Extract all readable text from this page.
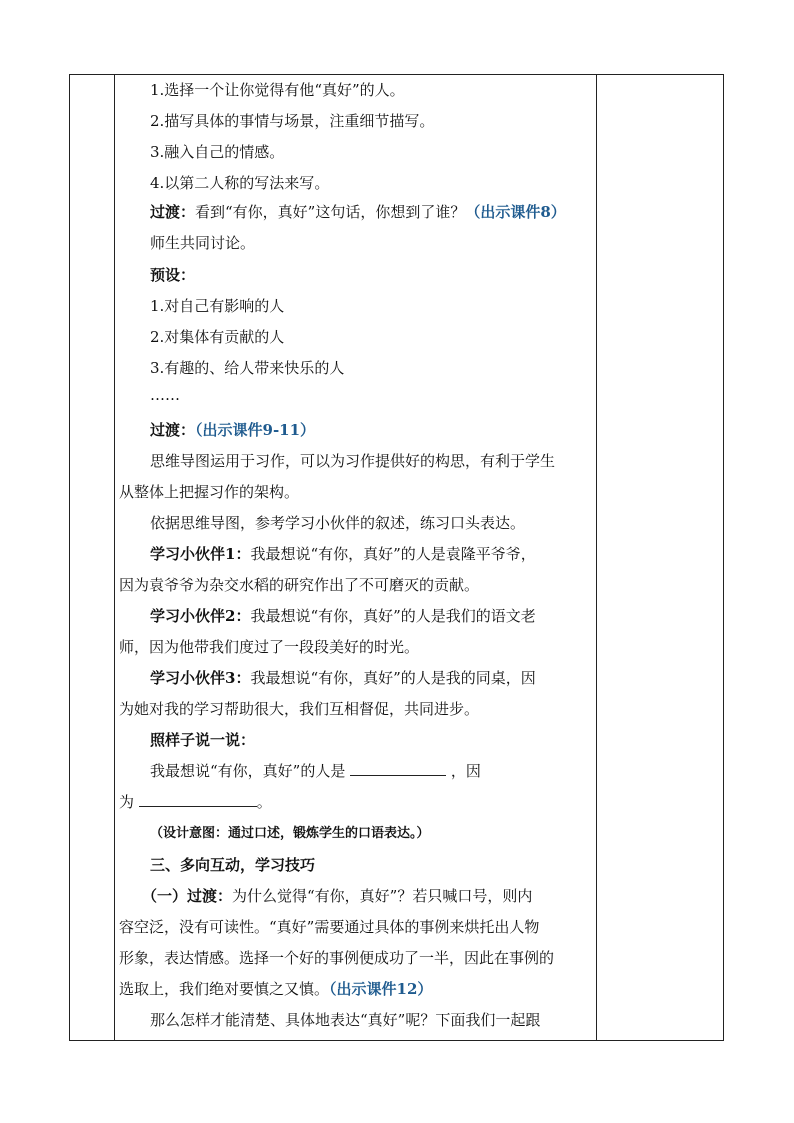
1.选择一个让你觉得有他“真好”的人。
2.描写具体的事情与场景，注重细节描写。
3.融入自己的情感。
4.以第二人称的写法来写。
过渡：看到“有你，真好”这句话，你想到了谁？（出示课件8）
师生共同讨论。
预设：
1.对自己有影响的人
2.对集体有贡献的人
3.有趣的、给人带来快乐的人
……
过渡：（出示课件9-11）
思维导图运用于习作，可以为习作提供好的构思，有利于学生
从整体上把握习作的架构。
依据思维导图，参考学习小伙伴的叙述，练习口头表达。
学习小伙伴1：我最想说“有你，真好”的人是袁隆平爷爷，
因为袁爷爷为杂交水稻的研究作出了不可磨灭的贡献。
学习小伙伴2：我最想说“有你，真好”的人是我们的语文老
师，因为他带我们度过了一段段美好的时光。
学习小伙伴3：我最想说“有你，真好”的人是我的同桌，因
为她对我的学习帮助很大，我们互相督促，共同进步。
照样子说一说：
我最想说“有你，真好”的人是	，因
为	。
（设计意图：通过口述，锻炼学生的口语表达。）
三、多向互动，学习技巧
（一）过渡：为什么觉得“有你，真好”？若只喊口号，则内
容空泛，没有可读性。“真好”需要通过具体的事例来烘托出人物
形象，表达情感。选择一个好的事例便成功了一半，因此在事例的
选取上，我们绝对要慎之又慎。（出示课件12）
那么怎样才能清楚、具体地表达“真好”呢？下面我们一起跟
